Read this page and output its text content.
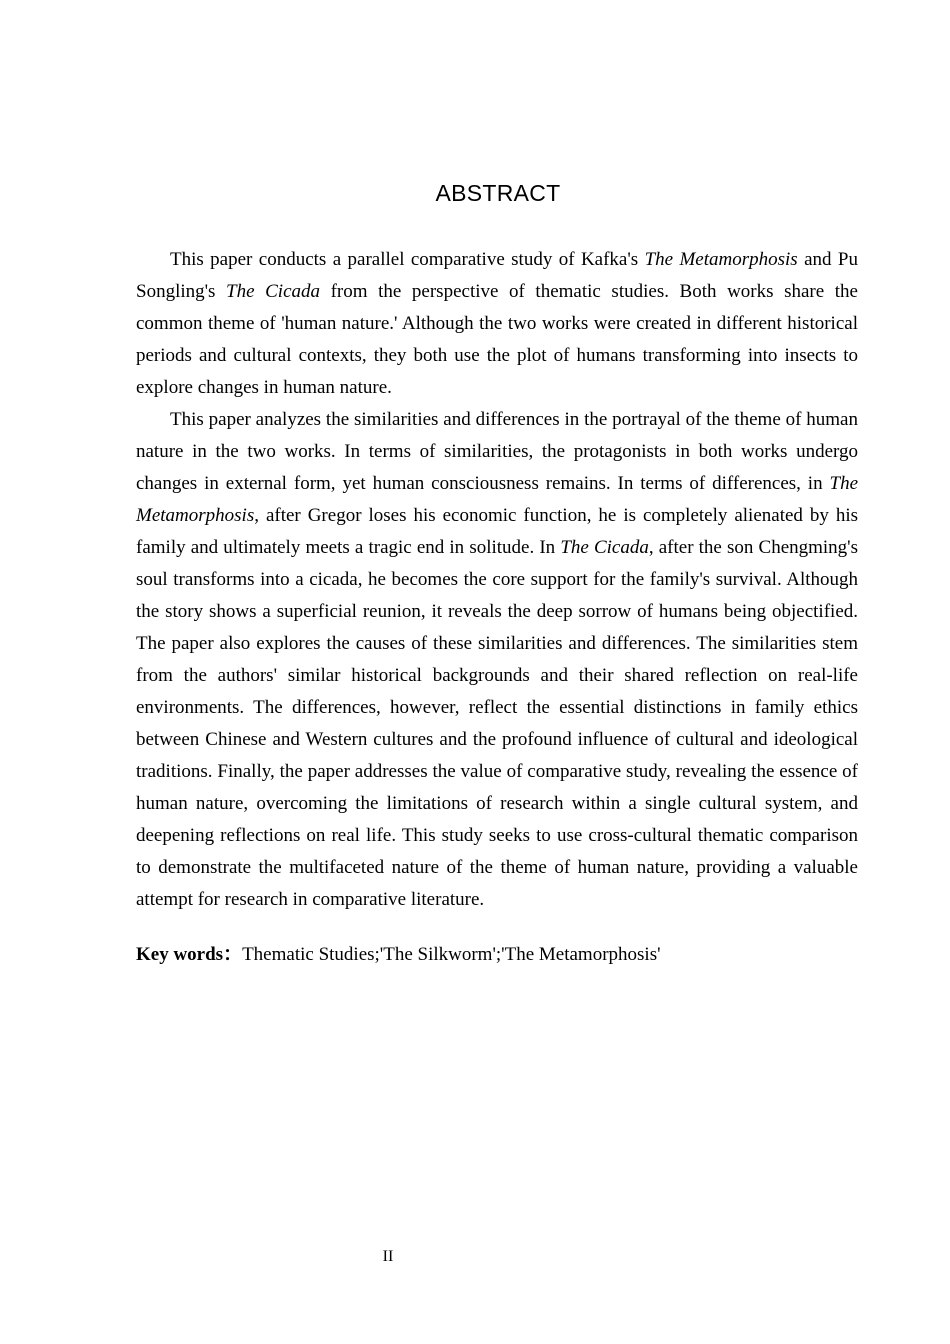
ABSTRACT

This paper conducts a parallel comparative study of Kafka's The Metamorphosis and Pu Songling's The Cicada from the perspective of thematic studies. Both works share the common theme of 'human nature.' Although the two works were created in different historical periods and cultural contexts, they both use the plot of humans transforming into insects to explore changes in human nature.

This paper analyzes the similarities and differences in the portrayal of the theme of human nature in the two works. In terms of similarities, the protagonists in both works undergo changes in external form, yet human consciousness remains. In terms of differences, in The Metamorphosis, after Gregor loses his economic function, he is completely alienated by his family and ultimately meets a tragic end in solitude. In The Cicada, after the son Chengming's soul transforms into a cicada, he becomes the core support for the family's survival. Although the story shows a superficial reunion, it reveals the deep sorrow of humans being objectified. The paper also explores the causes of these similarities and differences. The similarities stem from the authors' similar historical backgrounds and their shared reflection on real-life environments. The differences, however, reflect the essential distinctions in family ethics between Chinese and Western cultures and the profound influence of cultural and ideological traditions. Finally, the paper addresses the value of comparative study, revealing the essence of human nature, overcoming the limitations of research within a single cultural system, and deepening reflections on real life. This study seeks to use cross-cultural thematic comparison to demonstrate the multifaceted nature of the theme of human nature, providing a valuable attempt for research in comparative literature.

Key words：Thematic Studies;'The Silkworm';'The Metamorphosis'

II
